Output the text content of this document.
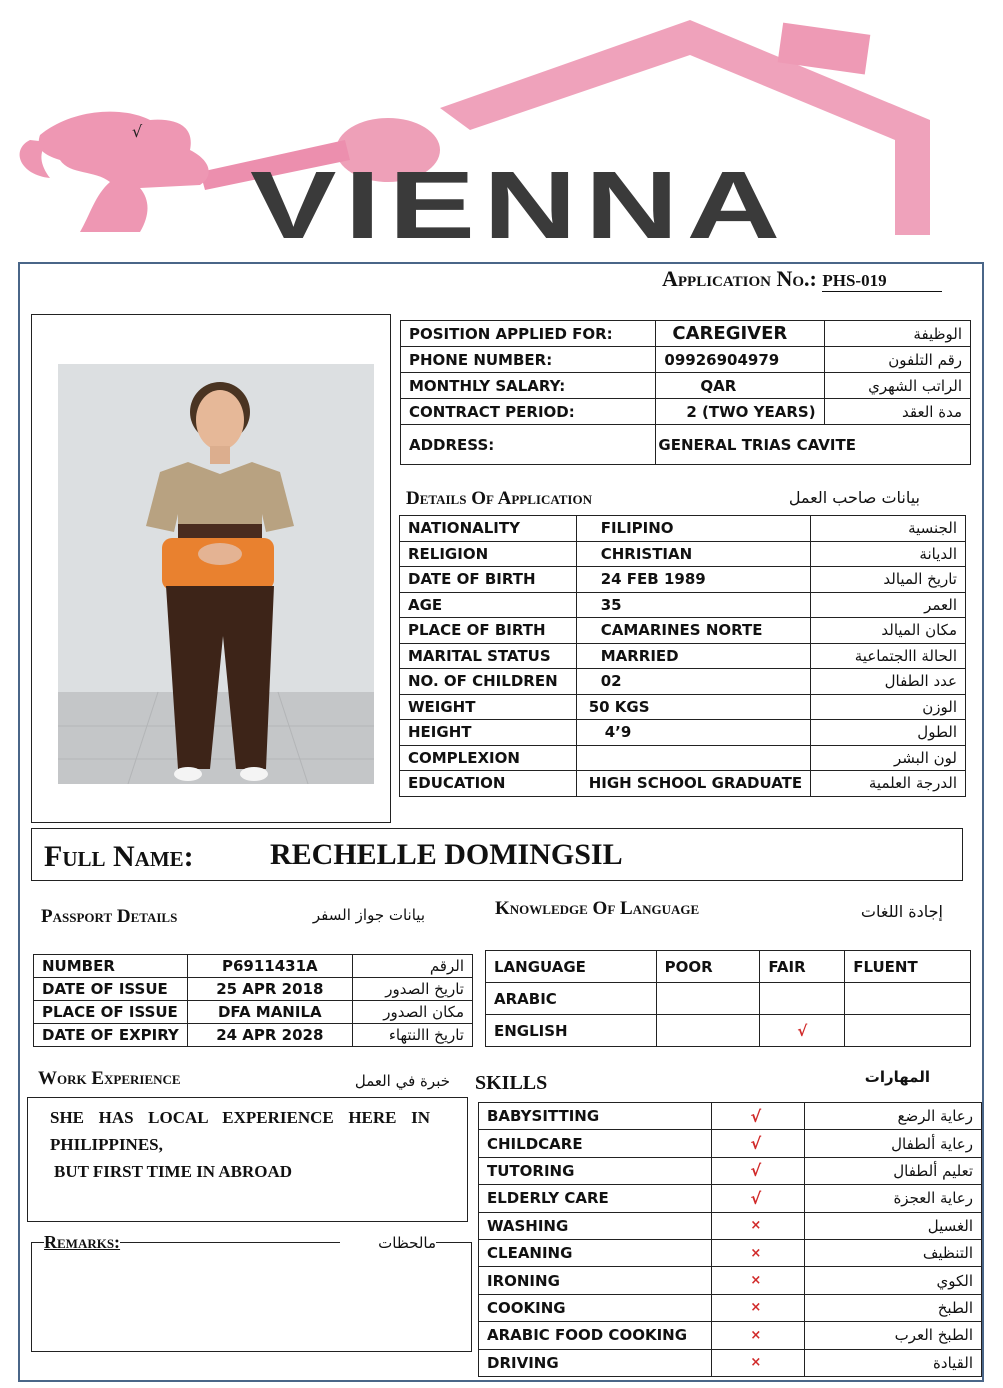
VIENNA
√
Application No.: PHS-019
POSITION APPLIED FOR:	CAREGIVER	الوظيفة
PHONE NUMBER:	09926904979	رقم التلفون
MONTHLY SALARY:	QAR	الراتب الشهري
CONTRACT PERIOD:	2 (TWO YEARS)	مدة العقد
ADDRESS:	GENERAL TRIAS CAVITE	
Details Of Application	بيانات صاحب العمل
NATIONALITY	FILIPINO	الجنسية
RELIGION	CHRISTIAN	الديانة
DATE OF BIRTH	24 FEB 1989	تاريخ الميالد
AGE	35	العمر
PLACE OF BIRTH	CAMARINES NORTE	مكان الميالد
MARITAL STATUS	MARRIED	الحالة االجتماعية
NO. OF CHILDREN	02	عدد الطفال
WEIGHT	50 KGS	الوزن
HEIGHT	4’9	الطول
COMPLEXION		لون البشر
EDUCATION	HIGH SCHOOL GRADUATE	الدرجة العلمية
Full Name:	RECHELLE DOMINGSIL
Passport Details	بيانات جواز السفر
NUMBER	P6911431A	الرقم
DATE OF ISSUE	25 APR 2018	تاريخ الصدور
PLACE OF ISSUE	DFA MANILA	مكان الصدور
DATE OF EXPIRY	24 APR 2028	تاريخ االنتهاء
Knowledge Of Language	إجادة اللغات
LANGUAGE	POOR	FAIR	FLUENT
ARABIC			
ENGLISH		√	
Work Experience	خبرة في العمل
SHE HAS LOCAL EXPERIENCE HERE IN
PHILIPPINES,
BUT FIRST TIME IN ABROAD
Remarks:	مالحظات
SKILLS	المهارات
BABYSITTING	√	رعاية الرضع
CHILDCARE	√	رعاية ألطفال
TUTORING	√	تعليم ألطفال
ELDERLY CARE	√	رعاية العجزة
WASHING	×	الغسيل
CLEANING	×	التنظيف
IRONING	×	الكوي
COOKING	×	الطبخ
ARABIC FOOD COOKING	×	الطبخ العرب
DRIVING	×	القيادة
